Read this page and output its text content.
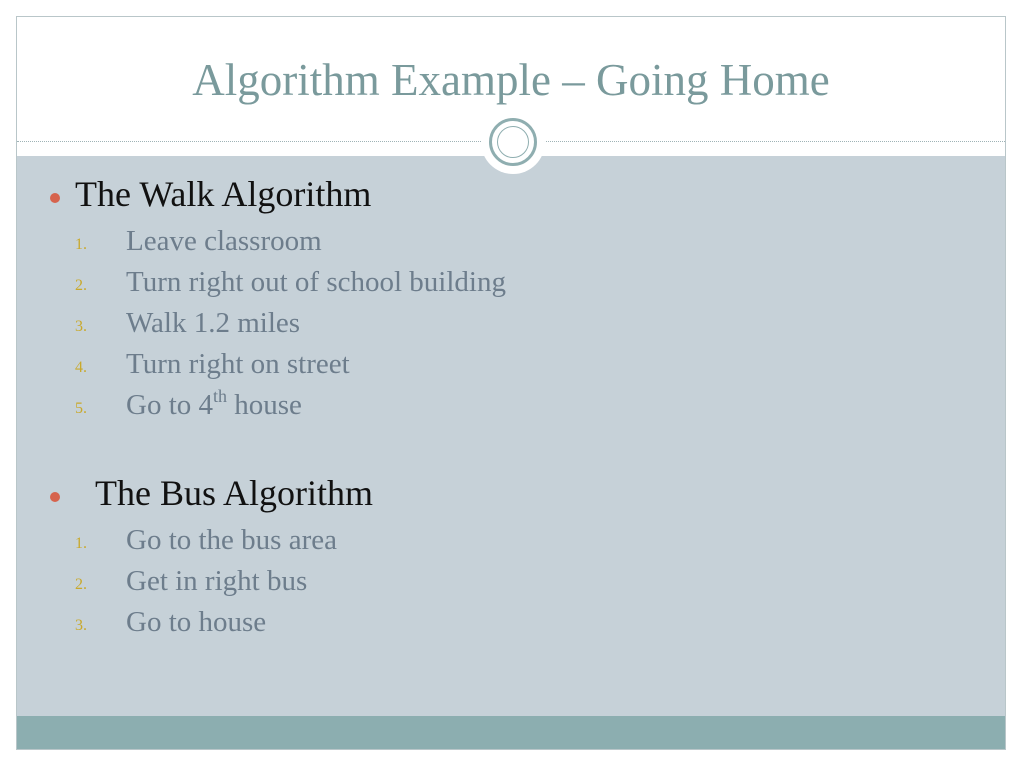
Algorithm Example – Going Home
The Walk Algorithm
1. Leave classroom
2. Turn right out of school building
3. Walk 1.2 miles
4. Turn right on street
5. Go to 4th house
The Bus Algorithm
1. Go to the bus area
2. Get in right bus
3. Go to house
